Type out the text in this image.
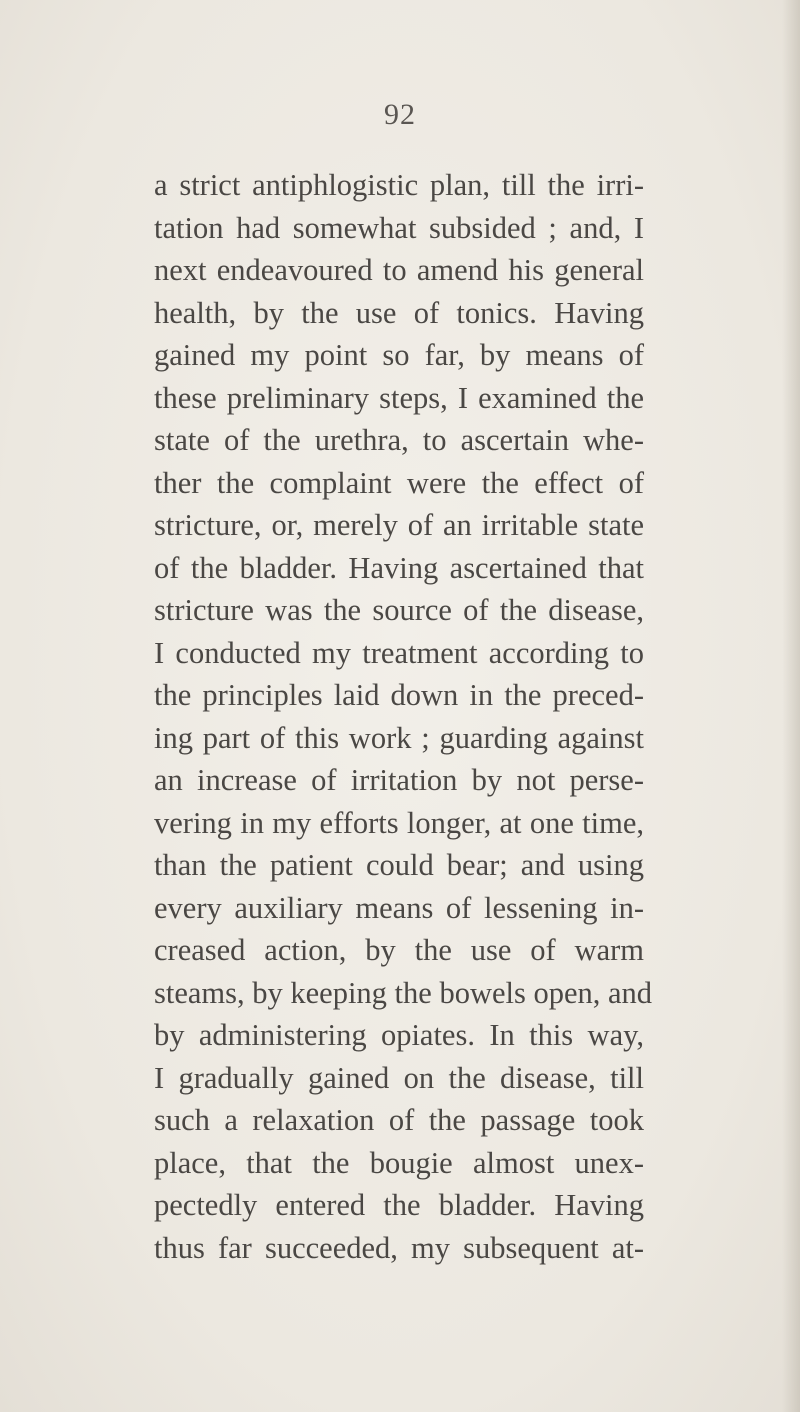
92
a strict antiphlogistic plan, till the irri-
tation had somewhat subsided ; and, I
next endeavoured to amend his general
health, by the use of tonics. Having
gained my point so far, by means of
these preliminary steps, I examined the
state of the urethra, to ascertain whe-
ther the complaint were the effect of
stricture, or, merely of an irritable state
of the bladder. Having ascertained that
stricture was the source of the disease,
I conducted my treatment according to
the principles laid down in the preced-
ing part of this work ; guarding against
an increase of irritation by not perse-
vering in my efforts longer, at one time,
than the patient could bear; and using
every auxiliary means of lessening in-
creased action, by the use of warm
steams, by keeping the bowels open, and
by administering opiates. In this way,
I gradually gained on the disease, till
such a relaxation of the passage took
place, that the bougie almost unex-
pectedly entered the bladder. Having
thus far succeeded, my subsequent at-
